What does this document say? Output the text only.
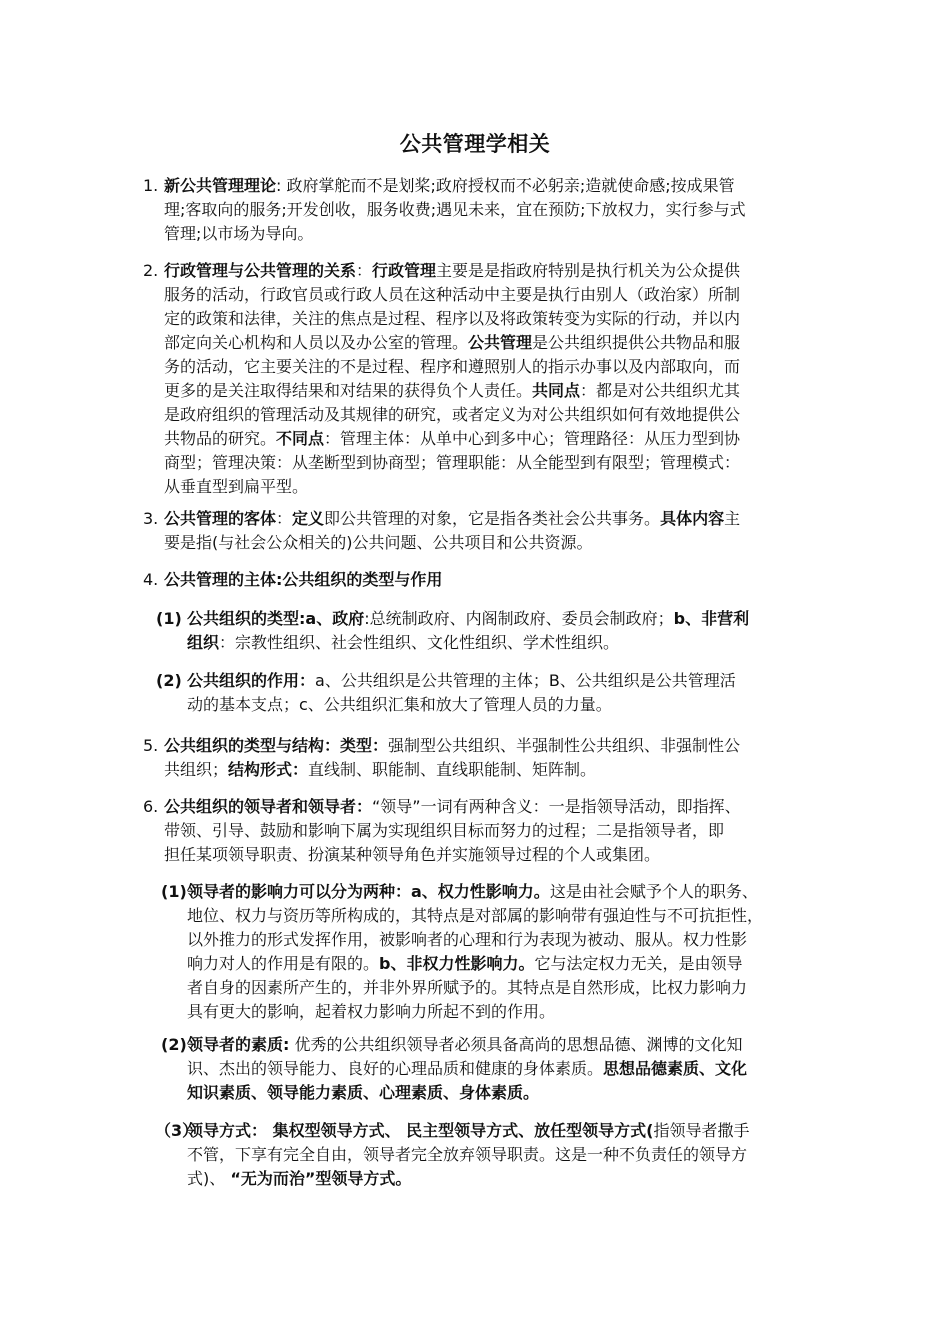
公共管理学相关
1. 新公共管理理论: 政府掌舵而不是划桨;政府授权而不必躬亲;造就使命感;按成果管
理;客取向的服务;开发创收，服务收费;遇见未来，宜在预防;下放权力，实行参与式
管理;以市场为导向。
2. 行政管理与公共管理的关系：行政管理主要是是指政府特别是执行机关为公众提供
服务的活动，行政官员或行政人员在这种活动中主要是执行由别人（政治家）所制
定的政策和法律，关注的焦点是过程、程序以及将政策转变为实际的行动，并以内
部定向关心机构和人员以及办公室的管理。公共管理是公共组织提供公共物品和服
务的活动，它主要关注的不是过程、程序和遵照别人的指示办事以及内部取向，而
更多的是关注取得结果和对结果的获得负个人责任。共同点：都是对公共组织尤其
是政府组织的管理活动及其规律的研究，或者定义为对公共组织如何有效地提供公
共物品的研究。不同点：管理主体：从单中心到多中心；管理路径：从压力型到协
商型；管理决策：从垄断型到协商型；管理职能：从全能型到有限型；管理模式：
从垂直型到扁平型。
3. 公共管理的客体：定义即公共管理的对象，它是指各类社会公共事务。具体内容主
要是指(与社会公众相关的)公共问题、公共项目和公共资源。
4. 公共管理的主体:公共组织的类型与作用
(1) 公共组织的类型:a、政府:总统制政府、内阁制政府、委员会制政府；b、非营利
组织：宗教性组织、社会性组织、文化性组织、学术性组织。
(2) 公共组织的作用：a、公共组织是公共管理的主体；B、公共组织是公共管理活
动的基本支点；c、公共组织汇集和放大了管理人员的力量。
5. 公共组织的类型与结构：类型：强制型公共组织、半强制性公共组织、非强制性公
共组织；结构形式：直线制、职能制、直线职能制、矩阵制。
6. 公共组织的领导者和领导者：“领导”一词有两种含义：一是指领导活动，即指挥、
带领、引导、鼓励和影响下属为实现组织目标而努力的过程；二是指领导者，即
担任某项领导职责、扮演某种领导角色并实施领导过程的个人或集团。
(1) 领导者的影响力可以分为两种：a、权力性影响力。这是由社会赋予个人的职务、
地位、权力与资历等所构成的，其特点是对部属的影响带有强迫性与不可抗拒性，
以外推力的形式发挥作用，被影响者的心理和行为表现为被动、服从。权力性影
响力对人的作用是有限的。b、非权力性影响力。它与法定权力无关，是由领导
者自身的因素所产生的，并非外界所赋予的。其特点是自然形成，比权力影响力
具有更大的影响，起着权力影响力所起不到的作用。
(2) 领导者的素质: 优秀的公共组织领导者必须具备高尚的思想品德、渊博的文化知
识、杰出的领导能力、良好的心理品质和健康的身体素质。思想品德素质、文化
知识素质、领导能力素质、心理素质、身体素质。
（3）
领导方式： 集权型领导方式、 民主型领导方式、放任型领导方式(指领导者撒手
不管，下享有完全自由，领导者完全放弃领导职责。这是一种不负责任的领导方
式)、 “无为而治”型领导方式。
